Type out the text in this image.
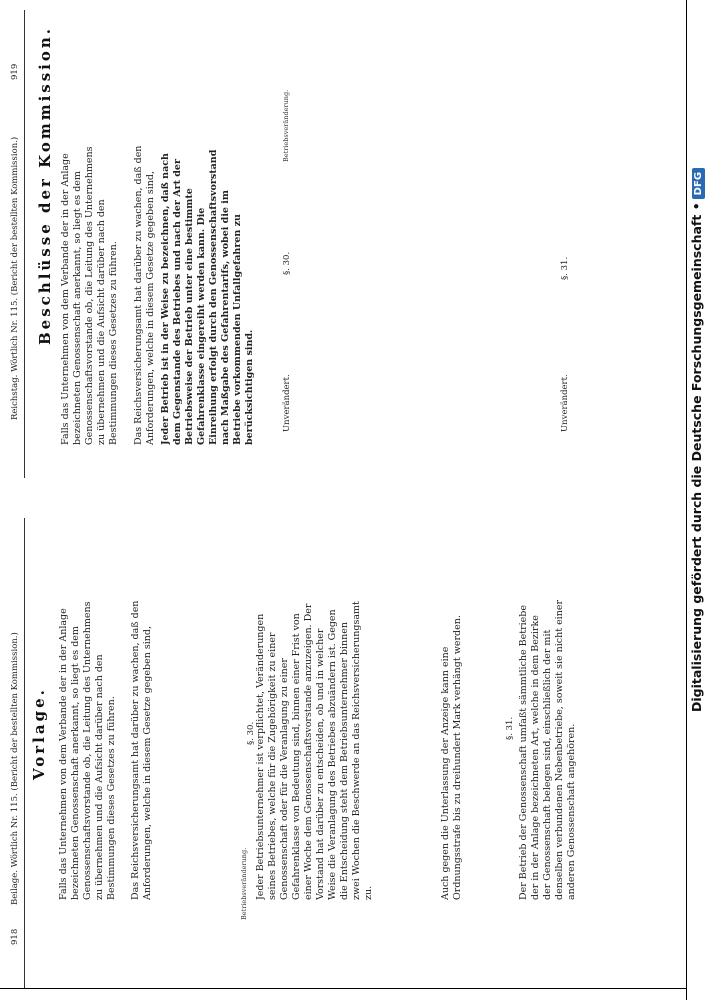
918
Beilage. Wörtlich Nr. 115. (Bericht der bestellten Kommission.) Vorlage. Falls das Unternehmen von dem Verbande der in der Anlage bezeichneten Genossenschaft anerkannt, so liegt es dem Genossenschaftsvorstande ob, die Leitung des Unternehmens zu übernehmen und die Aufsicht darüber nach den Bestimmungen dieses Gesetzes zu führen.	Das Reichsversicherungsamt hat darüber zu wachen, daß den Anforderungen, welche in diesem Gesetze gegeben sind,
Betriebsveränderung.
§. 30. Jeder Betriebsunternehmer ist verpflichtet, Veränderungen seines Betriebes, welche für die Zugehörigkeit zu einer Genossenschaft oder für die Veranlagung zu einer Gefahrenklasse von Bedeutung sind, binnen einer Frist von einer Woche dem Genossenschaftsvorstande anzuzeigen. Der Vorstand hat darüber zu entscheiden, ob und in welcher Weise die Veranlagung des Betriebes abzuändern ist. Gegen die Entscheidung steht dem Betriebsunternehmer binnen zwei Wochen die Beschwerde an das Reichsversicherungsamt zu.	Auch gegen die Unterlassung der Anzeige kann eine Ordnungsstrafe bis zu dreihundert Mark verhängt werden.	§. 31. Der Betrieb der Genossenschaft umfaßt sämmtliche Betriebe der in der Anlage bezeichneten Art, welche in dem Bezirke der Genossenschaft belegen sind, einschließlich der mit denselben verbundenen Nebenbetriebe, soweit sie nicht einer anderen Genossenschaft angehören.
919
Reichstag. Wörtlich Nr. 115. (Bericht der bestellten Kommission.) Beschlüsse der Kommission. Falls das Unternehmen von dem Verbande der in der Anlage bezeichneten Genossenschaft anerkannt, so liegt es dem Genossenschaftsvorstande ob, die Leitung des Unternehmens zu übernehmen und die Aufsicht darüber nach den Bestimmungen dieses Gesetzes zu führen.	Das Reichsversicherungsamt hat darüber zu wachen, daß den Anforderungen, welche in diesem Gesetze gegeben sind, Jeder Betrieb ist in der Weise zu bezeichnen, daß nach dem Gegenstande des Betriebes und nach der Art der Betriebsweise der Betrieb unter eine bestimmte Gefahrenklasse eingereiht werden kann. Die Einreihung erfolgt durch den Genossenschaftsvorstand nach Maßgabe des Gefahrentarifs, wobei die im Betriebe vorkommenden Unfallgefahren zu berücksichtigen sind.
Betriebsveränderung.
Unverändert.
§. 30.
Unverändert.
§. 31.	Digitalisierung gefördert durch die Deutsche Forschungsgemeinschaft •DFG
